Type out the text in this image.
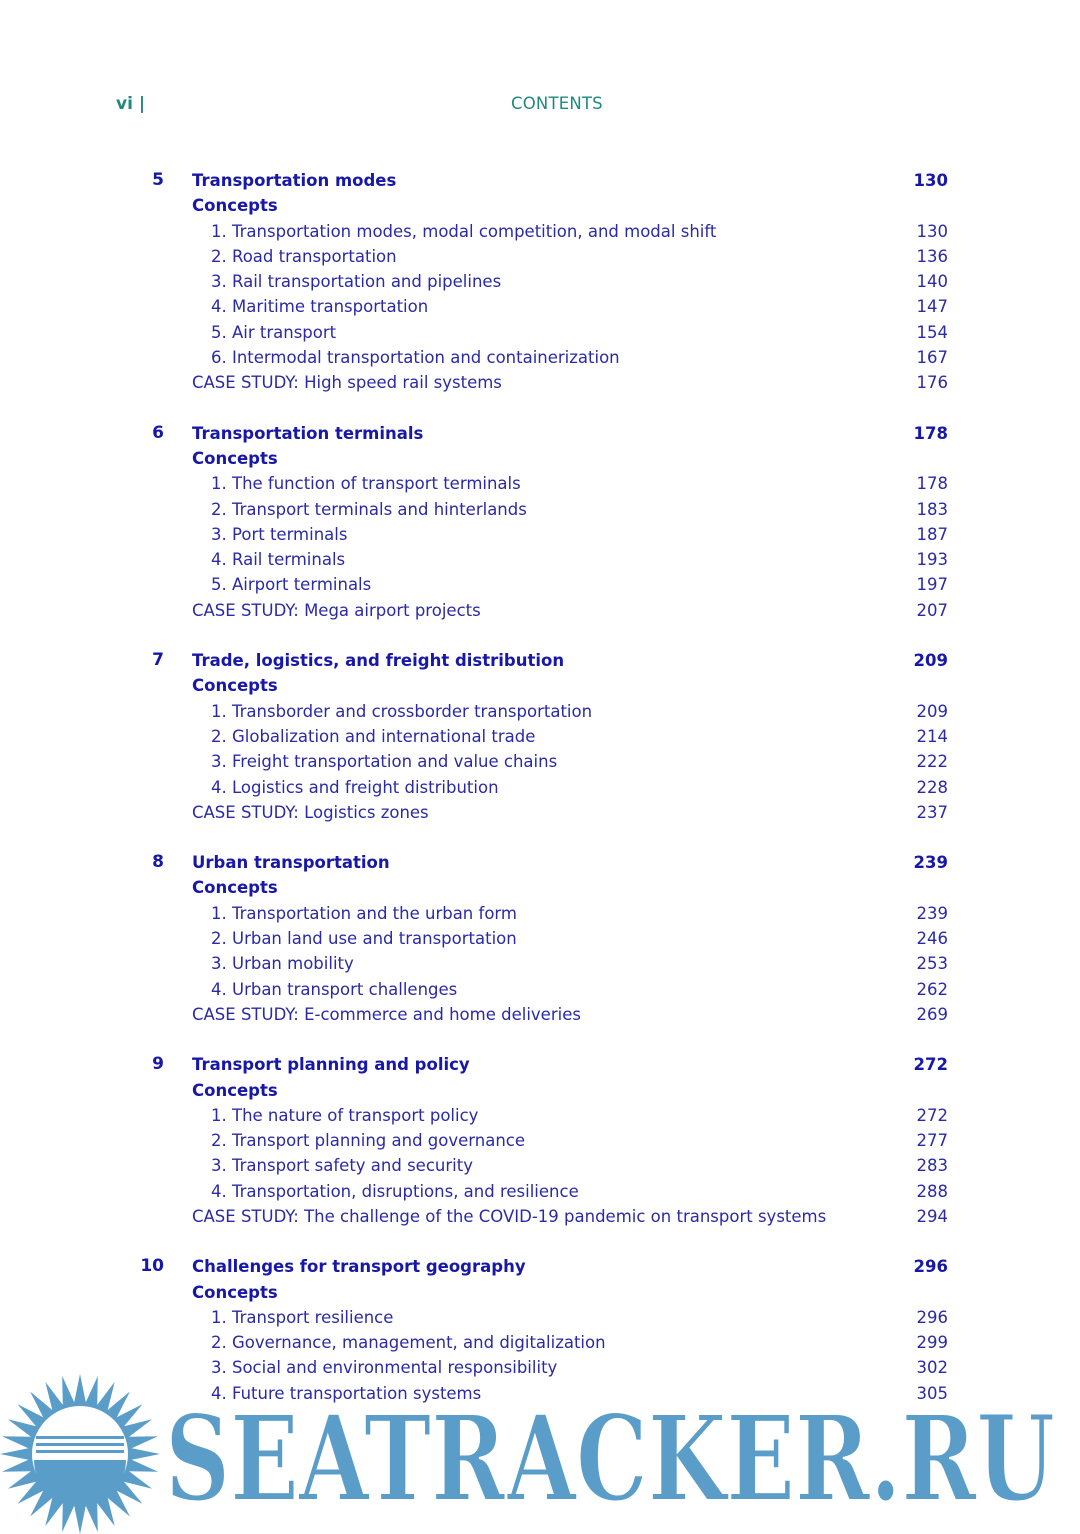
vi |	CONTENTS
5 Transportation modes	130
Concepts
1. Transportation modes, modal competition, and modal shift	130
2. Road transportation	136
3. Rail transportation and pipelines	140
4. Maritime transportation	147
5. Air transport	154
6. Intermodal transportation and containerization	167
CASE STUDY: High speed rail systems	176
6 Transportation terminals	178
Concepts
1. The function of transport terminals	178
2. Transport terminals and hinterlands	183
3. Port terminals	187
4. Rail terminals	193
5. Airport terminals	197
CASE STUDY: Mega airport projects	207
7 Trade, logistics, and freight distribution	209
Concepts
1. Transborder and crossborder transportation	209
2. Globalization and international trade	214
3. Freight transportation and value chains	222
4. Logistics and freight distribution	228
CASE STUDY: Logistics zones	237
8 Urban transportation	239
Concepts
1. Transportation and the urban form	239
2. Urban land use and transportation	246
3. Urban mobility	253
4. Urban transport challenges	262
CASE STUDY: E-commerce and home deliveries	269
9 Transport planning and policy	272
Concepts
1. The nature of transport policy	272
2. Transport planning and governance	277
3. Transport safety and security	283
4. Transportation, disruptions, and resilience	288
CASE STUDY: The challenge of the COVID-19 pandemic on transport systems	294
10 Challenges for transport geography	296
Concepts
1. Transport resilience	296
2. Governance, management, and digitalization	299
3. Social and environmental responsibility	302
4. Future transportation systems	305
SEATRACKER.RU
